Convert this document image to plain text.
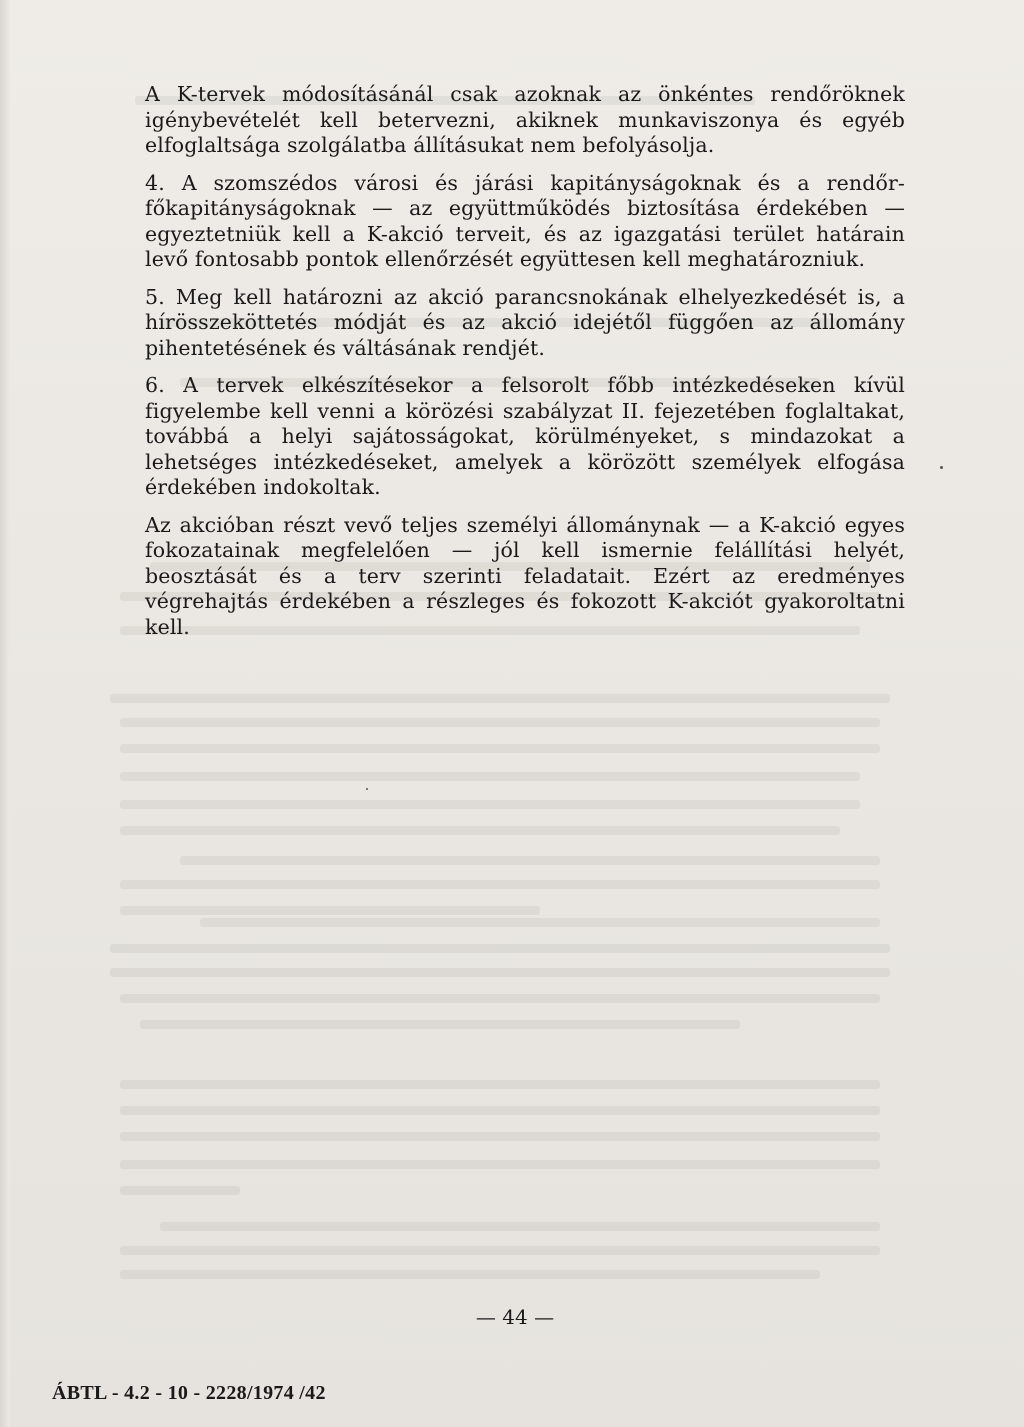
A K-tervek módosításánál csak azoknak az önkéntes rendőröknek igénybevételét kell betervezni, akiknek munkaviszonya és egyéb elfoglaltsága szolgálatba állításukat nem befolyásolja.

4. A szomszédos városi és járási kapitányságoknak és a rendőr-főkapitányságoknak — az együttműködés biztosítása érdekében — egyeztetniük kell a K-akció terveit, és az igazgatási terület határain levő fontosabb pontok ellenőrzését együttesen kell meghatározniuk.

5. Meg kell határozni az akció parancsnokának elhelyezkedését is, a hírösszeköttetés módját és az akció idejétől függően az állomány pihentetésének és váltásának rendjét.

6. A tervek elkészítésekor a felsorolt főbb intézkedéseken kívül figyelembe kell venni a körözési szabályzat II. fejezetében foglaltakat, továbbá a helyi sajátosságokat, körülményeket, s mindazokat a lehetséges intézkedéseket, amelyek a körözött személyek elfogása érdekében indokoltak.

Az akcióban részt vevő teljes személyi állománynak — a K-akció egyes fokozatainak megfelelően — jól kell ismernie felállítási helyét, beosztását és a terv szerinti feladatait. Ezért az eredményes végrehajtás érdekében a részleges és fokozott K-akciót gyakoroltatni kell.

— 44 —
ÁBTL - 4.2 - 10 - 2228/1974 /42
